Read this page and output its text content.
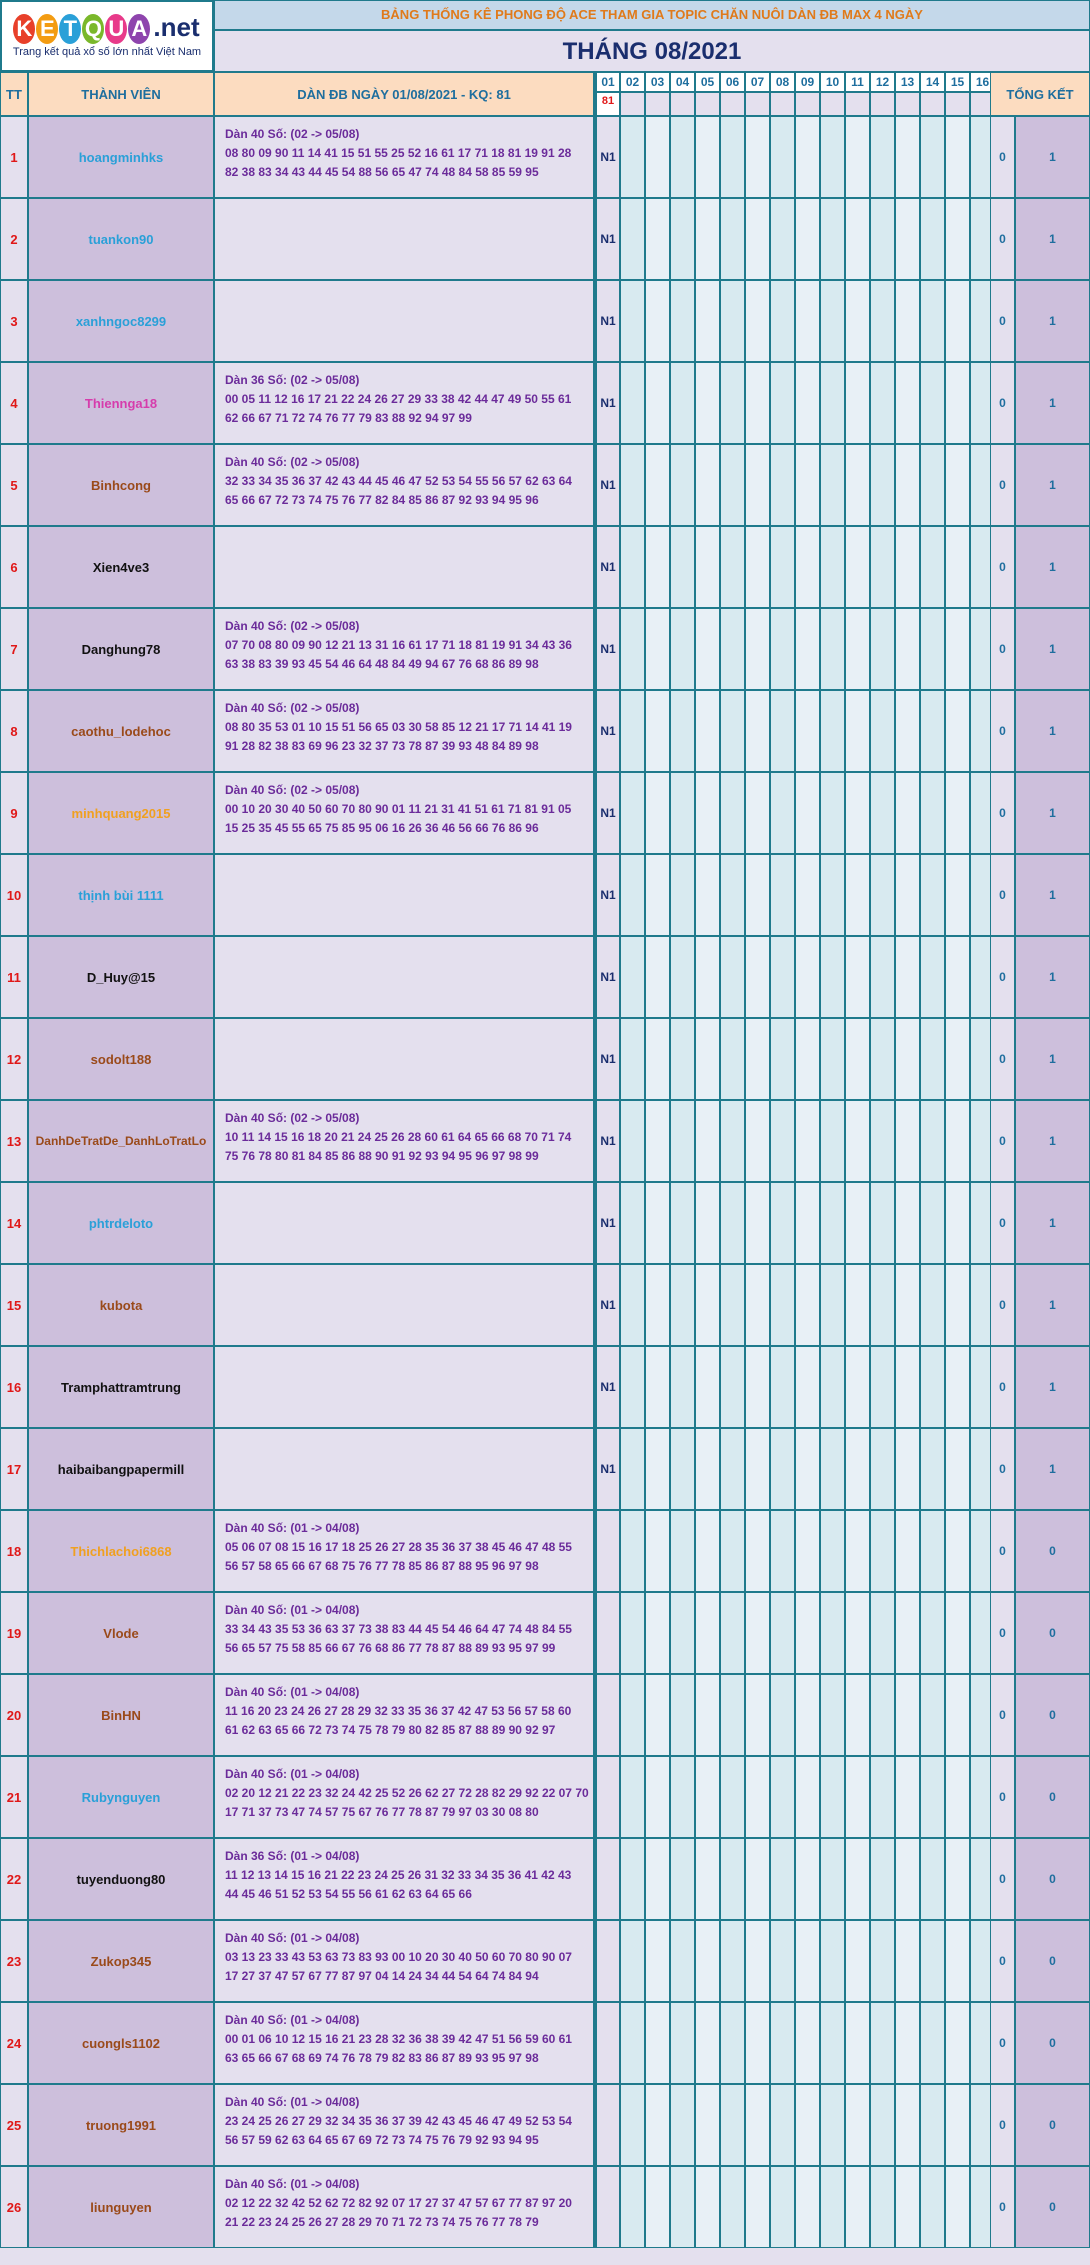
K E T Q U A .net
Trang kết quả xổ số lớn nhất Việt Nam
BẢNG THỐNG KÊ PHONG ĐỘ ACE THAM GIA TOPIC CHĂN NUÔI DÀN ĐB MAX 4 NGÀY
THÁNG 08/2021
TT	THÀNH VIÊN	DÀN ĐB NGÀY 01/08/2021 - KQ: 81
01
81
02 03 04 05 06 07 08 09 10 11 12 13 14 15 16
TỔNG KẾT
1	hoangminhks
Dàn 40 Số: (02 -> 05/08)
08 80 09 90 11 14 41 15 51 55 25 52 16 61 17 71 18 81 19 91 28
82 38 83 34 43 44 45 54 88 56 65 47 74 48 84 58 85 59 95
N1	0	1
2	tuankon90	N1	0	1
3	xanhngoc8299	N1	0	1
4	Thiennga18
Dàn 36 Số: (02 -> 05/08)
00 05 11 12 16 17 21 22 24 26 27 29 33 38 42 44 47 49 50 55 61
62 66 67 71 72 74 76 77 79 83 88 92 94 97 99
N1	0	1
5	Binhcong
Dàn 40 Số: (02 -> 05/08)
32 33 34 35 36 37 42 43 44 45 46 47 52 53 54 55 56 57 62 63 64
65 66 67 72 73 74 75 76 77 82 84 85 86 87 92 93 94 95 96
N1	0	1
6	Xien4ve3	N1	0	1
7	Danghung78
Dàn 40 Số: (02 -> 05/08)
07 70 08 80 09 90 12 21 13 31 16 61 17 71 18 81 19 91 34 43 36
63 38 83 39 93 45 54 46 64 48 84 49 94 67 76 68 86 89 98
N1	0	1
8	caothu_lodehoc
Dàn 40 Số: (02 -> 05/08)
08 80 35 53 01 10 15 51 56 65 03 30 58 85 12 21 17 71 14 41 19
91 28 82 38 83 69 96 23 32 37 73 78 87 39 93 48 84 89 98
N1	0	1
9	minhquang2015
Dàn 40 Số: (02 -> 05/08)
00 10 20 30 40 50 60 70 80 90 01 11 21 31 41 51 61 71 81 91 05
15 25 35 45 55 65 75 85 95 06 16 26 36 46 56 66 76 86 96
N1	0	1
10	thịnh bùi 1111	N1	0	1
11	D_Huy@15	N1	0	1
12	sodolt188	N1	0	1
13	DanhDeTratDe_DanhLoTratLo
Dàn 40 Số: (02 -> 05/08)
10 11 14 15 16 18 20 21 24 25 26 28 60 61 64 65 66 68 70 71 74
75 76 78 80 81 84 85 86 88 90 91 92 93 94 95 96 97 98 99
N1	0	1
14	phtrdeloto	N1	0	1
15	kubota	N1	0	1
16	Tramphattramtrung	N1	0	1
17	haibaibangpapermill	N1	0	1
18	Thichlachoi6868
Dàn 40 Số: (01 -> 04/08)
05 06 07 08 15 16 17 18 25 26 27 28 35 36 37 38 45 46 47 48 55
56 57 58 65 66 67 68 75 76 77 78 85 86 87 88 95 96 97 98
0	0
19	Vlode
Dàn 40 Số: (01 -> 04/08)
33 34 43 35 53 36 63 37 73 38 83 44 45 54 46 64 47 74 48 84 55
56 65 57 75 58 85 66 67 76 68 86 77 78 87 88 89 93 95 97 99
0	0
20	BinHN
Dàn 40 Số: (01 -> 04/08)
11 16 20 23 24 26 27 28 29 32 33 35 36 37 42 47 53 56 57 58 60
61 62 63 65 66 72 73 74 75 78 79 80 82 85 87 88 89 90 92 97
0	0
21	Rubynguyen
Dàn 40 Số: (01 -> 04/08)
02 20 12 21 22 23 32 24 42 25 52 26 62 27 72 28 82 29 92 22 07 70
17 71 37 73 47 74 57 75 67 76 77 78 87 79 97 03 30 08 80
0	0
22	tuyenduong80
Dàn 36 Số: (01 -> 04/08)
11 12 13 14 15 16 21 22 23 24 25 26 31 32 33 34 35 36 41 42 43
44 45 46 51 52 53 54 55 56 61 62 63 64 65 66
0	0
23	Zukop345
Dàn 40 Số: (01 -> 04/08)
03 13 23 33 43 53 63 73 83 93 00 10 20 30 40 50 60 70 80 90 07
17 27 37 47 57 67 77 87 97 04 14 24 34 44 54 64 74 84 94
0	0
24	cuongls1102
Dàn 40 Số: (01 -> 04/08)
00 01 06 10 12 15 16 21 23 28 32 36 38 39 42 47 51 56 59 60 61
63 65 66 67 68 69 74 76 78 79 82 83 86 87 89 93 95 97 98
0	0
25	truong1991
Dàn 40 Số: (01 -> 04/08)
23 24 25 26 27 29 32 34 35 36 37 39 42 43 45 46 47 49 52 53 54
56 57 59 62 63 64 65 67 69 72 73 74 75 76 79 92 93 94 95
0	0
26	liunguyen
Dàn 40 Số: (01 -> 04/08)
02 12 22 32 42 52 62 72 82 92 07 17 27 37 47 57 67 77 87 97 20
21 22 23 24 25 26 27 28 29 70 71 72 73 74 75 76 77 78 79
0	0
